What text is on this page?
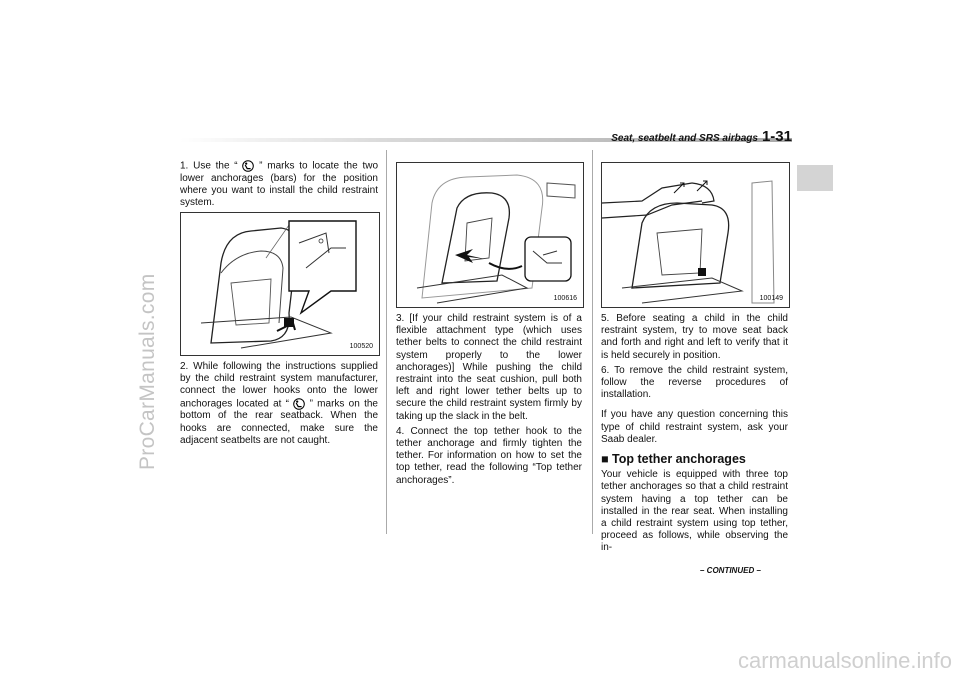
ProCarManuals.com
carmanualsonline.info
Seat, seatbelt and SRS airbags 1-31

1. Use the “ ” marks to locate the two lower anchorages (bars) for the position where you want to install the child restraint system.

100520

2. While following the instructions supplied by the child restraint system manufacturer, connect the lower hooks onto the lower anchorages located at “ ” marks on the bottom of the rear seatback. When the hooks are connected, make sure the adjacent seatbelts are not caught.

100616

3. [If your child restraint system is of a flexible attachment type (which uses tether belts to connect the child restraint system properly to the lower anchorages)] While pushing the child restraint into the seat cushion, pull both left and right lower tether belts up to secure the child restraint system firmly by taking up the slack in the belt.

4. Connect the top tether hook to the tether anchorage and firmly tighten the tether. For information on how to set the top tether, read the following “Top tether anchorages”.

100149

5. Before seating a child in the child restraint system, try to move seat back and forth and right and left to verify that it is held securely in position.

6. To remove the child restraint system, follow the reverse procedures of installation.

If you have any question concerning this type of child restraint system, ask your Saab dealer.

■ Top tether anchorages

Your vehicle is equipped with three top tether anchorages so that a child restraint system having a top tether can be installed in the rear seat. When installing a child restraint system using top tether, proceed as follows, while observing the in-

– CONTINUED –
